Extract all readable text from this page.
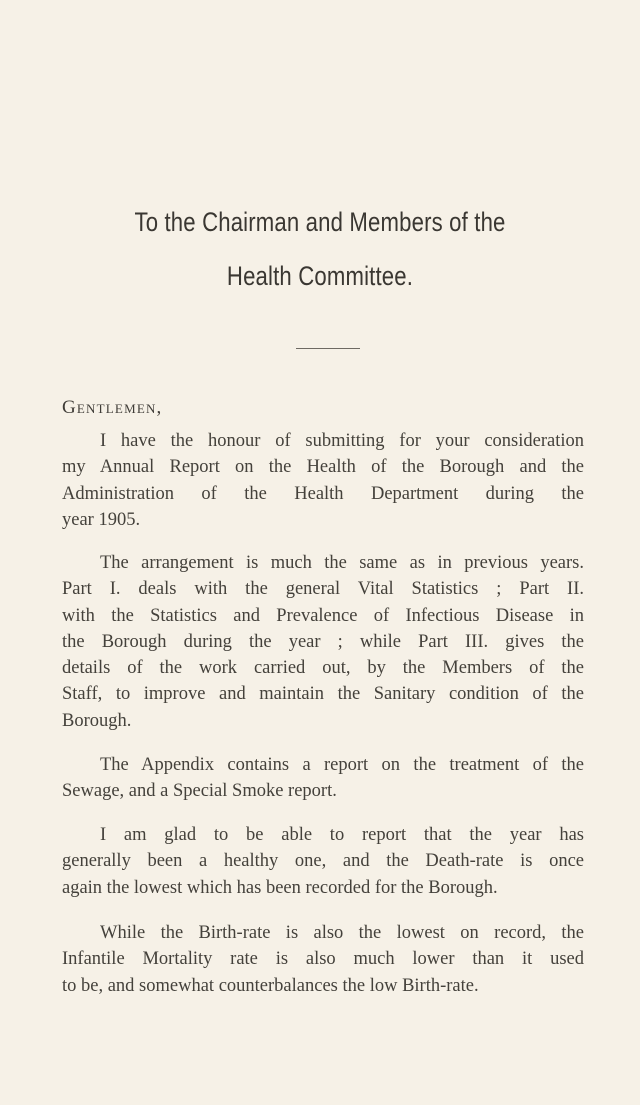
To the Chairman and Members of the
Health Committee.
Gentlemen,
I have the honour of submitting for your consideration
my Annual Report on the Health of the Borough and the
Administration of the Health Department during the
year 1905.
The arrangement is much the same as in previous years.
Part I. deals with the general Vital Statistics ; Part II.
with the Statistics and Prevalence of Infectious Disease in
the Borough during the year ; while Part III. gives the
details of the work carried out, by the Members of the
Staff, to improve and maintain the Sanitary condition of the
Borough.
The Appendix contains a report on the treatment of the
Sewage, and a Special Smoke report.
I am glad to be able to report that the year has
generally been a healthy one, and the Death-rate is once
again the lowest which has been recorded for the Borough.
While the Birth-rate is also the lowest on record, the
Infantile Mortality rate is also much lower than it used
to be, and somewhat counterbalances the low Birth-rate.
